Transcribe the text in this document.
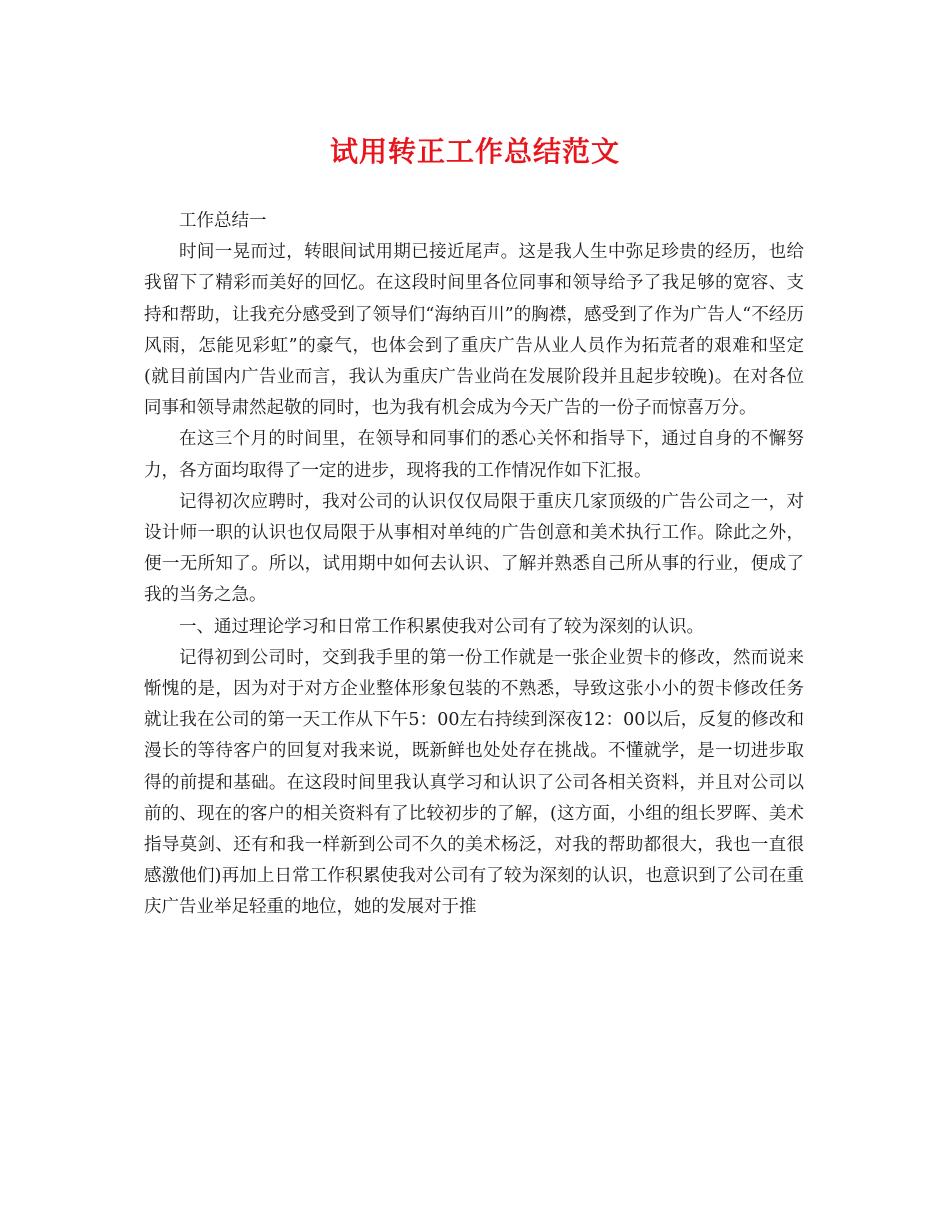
试用转正工作总结范文

工作总结一

时间一晃而过，转眼间试用期已接近尾声。这是我人生中弥足珍贵的经历，也给我留下了精彩而美好的回忆。在这段时间里各位同事和领导给予了我足够的宽容、支持和帮助，让我充分感受到了领导们“海纳百川”的胸襟，感受到了作为广告人“不经历风雨，怎能见彩虹”的豪气，也体会到了重庆广告从业人员作为拓荒者的艰难和坚定(就目前国内广告业而言，我认为重庆广告业尚在发展阶段并且起步较晚)。在对各位同事和领导肃然起敬的同时，也为我有机会成为今天广告的一份子而惊喜万分。

在这三个月的时间里，在领导和同事们的悉心关怀和指导下，通过自身的不懈努力，各方面均取得了一定的进步，现将我的工作情况作如下汇报。

记得初次应聘时，我对公司的认识仅仅局限于重庆几家顶级的广告公司之一，对设计师一职的认识也仅局限于从事相对单纯的广告创意和美术执行工作。除此之外，便一无所知了。所以，试用期中如何去认识、了解并熟悉自己所从事的行业，便成了我的当务之急。

一、通过理论学习和日常工作积累使我对公司有了较为深刻的认识。

记得初到公司时，交到我手里的第一份工作就是一张企业贺卡的修改，然而说来惭愧的是，因为对于对方企业整体形象包装的不熟悉，导致这张小小的贺卡修改任务就让我在公司的第一天工作从下午5：00左右持续到深夜12：00以后，反复的修改和漫长的等待客户的回复对我来说，既新鲜也处处存在挑战。不懂就学，是一切进步取得的前提和基础。在这段时间里我认真学习和认识了公司各相关资料，并且对公司以前的、现在的客户的相关资料有了比较初步的了解，(这方面，小组的组长罗晖、美术指导莫剑、还有和我一样新到公司不久的美术杨泛，对我的帮助都很大，我也一直很感激他们)再加上日常工作积累使我对公司有了较为深刻的认识，也意识到了公司在重庆广告业举足轻重的地位，她的发展对于推
